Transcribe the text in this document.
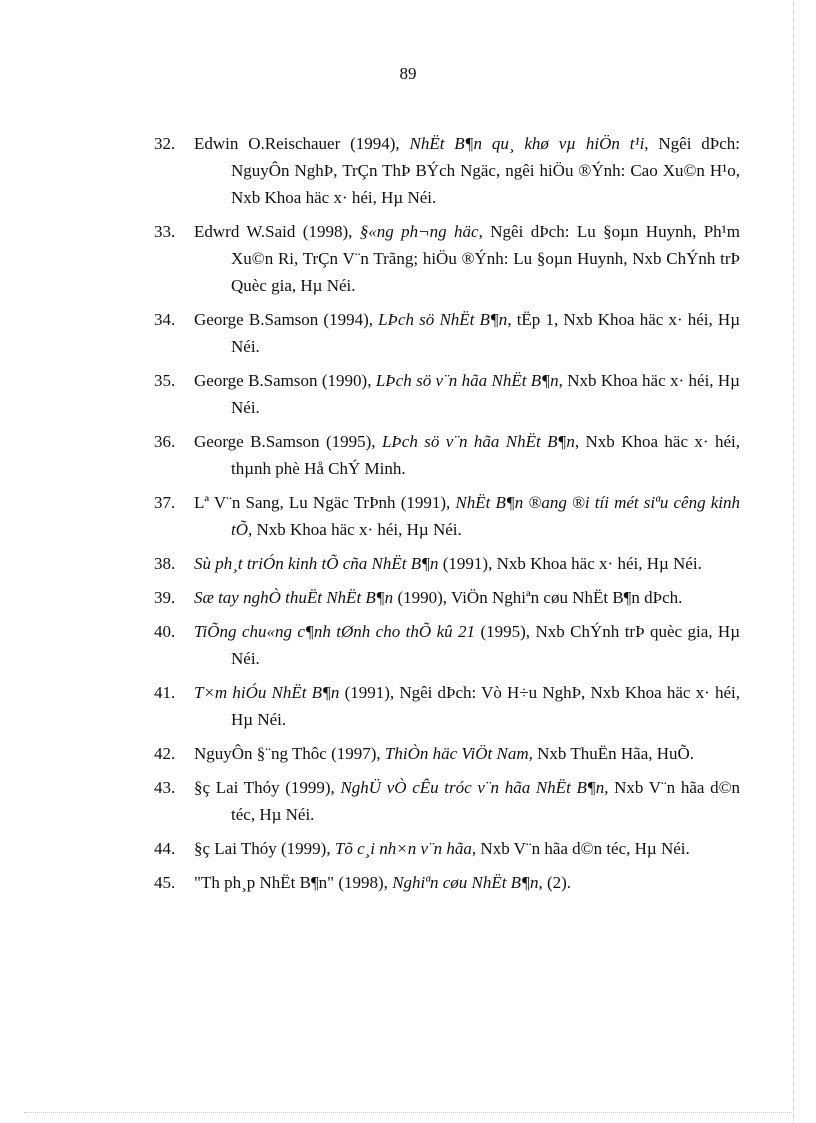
89
32. Edwin O.Reischauer (1994), NhËt B¶n qu¸ khø vµ hiÖn t¹i, Ngêi dÞch: NguyÔn NghÞ, TrÇn ThÞ BÝch Ngäc, ngêi hiÖu ®Ýnh: Cao Xu©n H¹o, Nxb Khoa häc x· héi, Hµ Néi.
33. Edwrd W.Said (1998), §«ng ph¬ng häc, Ngêi dÞch: Lu §oµn Huynh, Ph¹m Xu©n Ri, TrÇn V¨n Trãng; hiÖu ®Ýnh: Lu §oµn Huynh, Nxb ChÝnh trÞ Quèc gia, Hµ Néi.
34. George B.Samson (1994), LÞch sö NhËt B¶n, tËp 1, Nxb Khoa häc x· héi, Hµ Néi.
35. George B.Samson (1990), LÞch sö v¨n hãa NhËt B¶n, Nxb Khoa häc x· héi, Hµ Néi.
36. George B.Samson (1995), LÞch sö v¨n hãa NhËt B¶n, Nxb Khoa häc x· héi, thµnh phè Hå ChÝ Minh.
37. Lª V¨n Sang, Lu Ngäc TrÞnh (1991), NhËt B¶n ®ang ®i tíi mét siªu cêng kinh tÕ, Nxb Khoa häc x· héi, Hµ Néi.
38. Sù ph¸t triÓn kinh tÕ cña NhËt B¶n (1991), Nxb Khoa häc x· héi, Hµ Néi.
39. Sæ tay nghÒ thuËt NhËt B¶n (1990), ViÖn Nghiªn cøu NhËt B¶n dÞch.
40. TiÕng chu«ng c¶nh tØnh cho thÕ kû 21 (1995), Nxb ChÝnh trÞ quèc gia, Hµ Néi.
41. T×m hiÓu NhËt B¶n (1991), Ngêi dÞch: Vò H÷u NghÞ, Nxb Khoa häc x· héi, Hµ Néi.
42. NguyÔn §¨ng Thôc (1997), ThiÒn häc ViÖt Nam, Nxb ThuËn Hãa, HuÕ.
43. §ç Lai Thóy (1999), NghÜ vÒ cÊu tróc v¨n hãa NhËt B¶n, Nxb V¨n hãa d©n téc, Hµ Néi.
44. §ç Lai Thóy (1999), Tõ c¸i nh×n v¨n hãa, Nxb V¨n hãa d©n téc, Hµ Néi.
45. "Th ph¸p NhËt B¶n" (1998), Nghiªn cøu NhËt B¶n, (2).
